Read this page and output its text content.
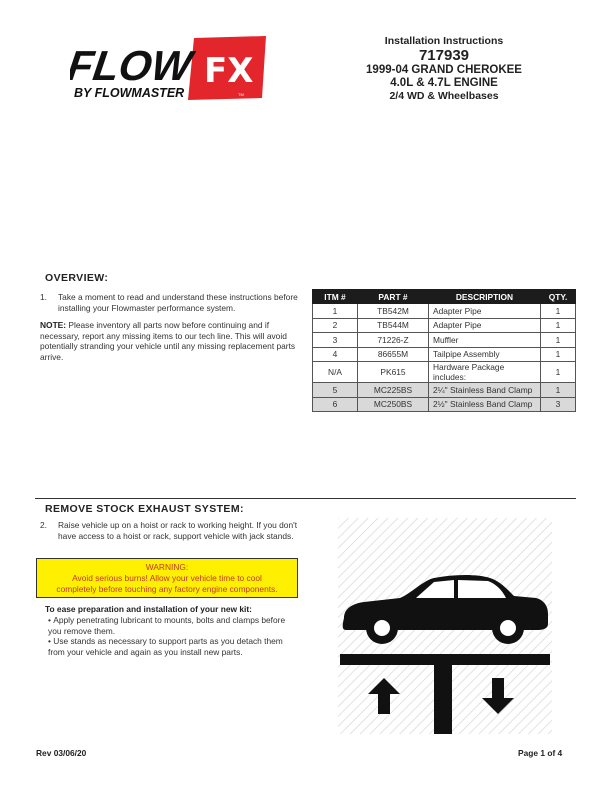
FLOW FX
BY FLOWMASTER	TM
Installation Instructions
717939
1999-04 GRAND CHEROKEE
4.0L & 4.7L ENGINE
2/4 WD & Wheelbases
OVERVIEW:
1. Take a moment to read and understand these instructions before installing your Flowmaster performance system.
NOTE: Please inventory all parts now before continuing and if necessary, report any missing items to our tech line. This will avoid potentially stranding your vehicle until any missing replacement parts arrive.
ITM #	PART #	DESCRIPTION	QTY.
1	TB542M	Adapter Pipe	1
2	TB544M	Adapter Pipe	1
3	71226-Z	Muffler	1
4	86655M	Tailpipe Assembly	1
N/A	PK615	Hardware Package includes:	1
5	MC225BS	2¼" Stainless Band Clamp	1
6	MC250BS	2½" Stainless Band Clamp	3
REMOVE STOCK EXHAUST SYSTEM:
2. Raise vehicle up on a hoist or rack to working height. If you don't have access to a hoist or rack, support vehicle with jack stands.
WARNING:
Avoid serious burns! Allow your vehicle time to cool
completely before touching any factory engine components.
To ease preparation and installation of your new kit:
• Apply penetrating lubricant to mounts, bolts and clamps before you remove them.
• Use stands as necessary to support parts as you detach them from your vehicle and again as you install new parts.
Rev 03/06/20	Page 1 of 4
